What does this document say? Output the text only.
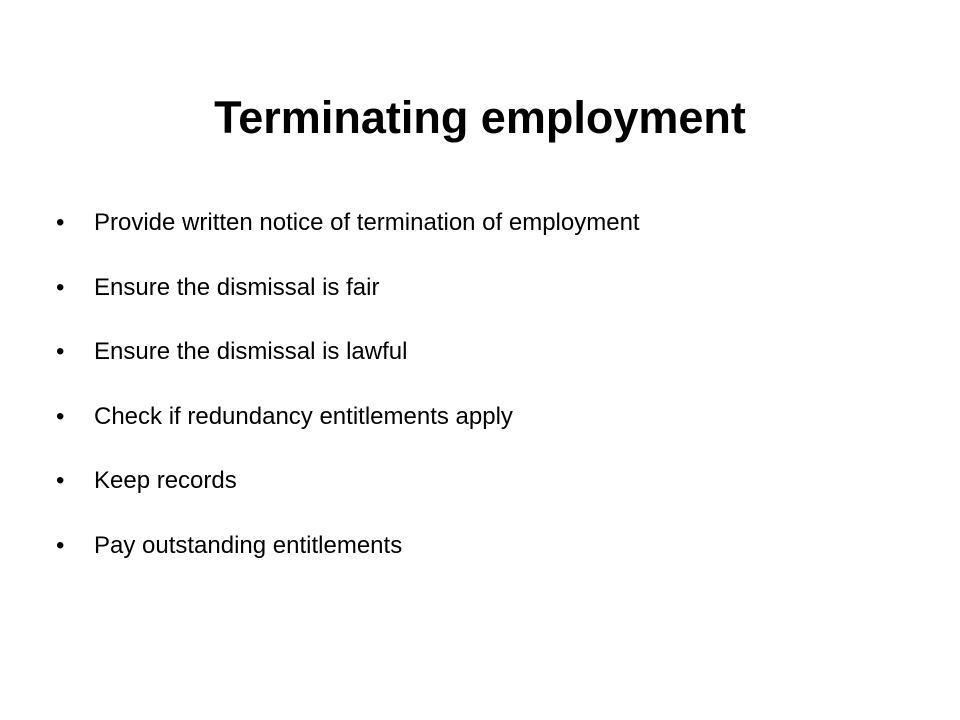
Terminating employment
•	Provide written notice of termination of employment
•	Ensure the dismissal is fair
•	Ensure the dismissal is lawful
•	Check if redundancy entitlements apply
•	Keep records
•	Pay outstanding entitlements
